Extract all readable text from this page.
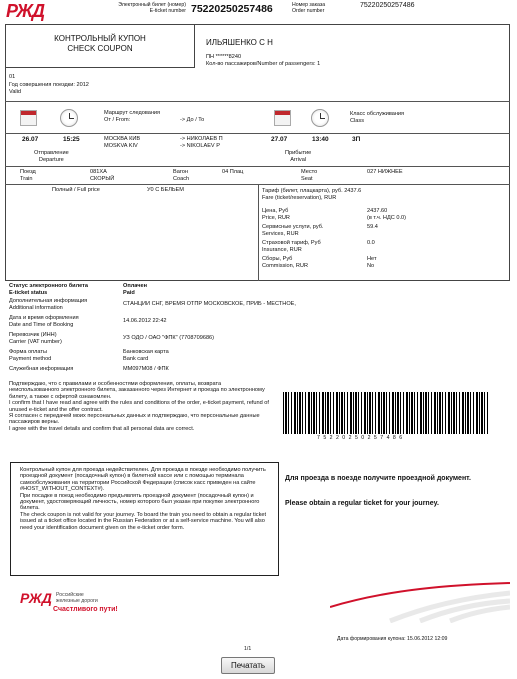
РЖД	Электронный билет (номер)
E-ticket number 75220250257486	Номер заказа
Order number
75220250257486
КОНТРОЛЬНЫЙ КУПОН
CHECK COUPON
ИЛЬЯШЕНКО С Н
ПН ******8240
Кол-во пассажиров/Number of passengers: 1
01
Год совершения поездки: 2012
Valid
Маршрут следования
От / From:	-> До / To
Класс обслуживания
Class
26.07	15:25	МОСКВА КИВ
MOSKVA KIV
-> НИКОЛАЕВ П
-> NIKOLAEV P
27.07	13:40	3П
Отправление
Departure
Прибытие
Arrival
Поезд
Train
081ХА
СКОРЫЙ
Вагон
Coach
04 Плац	Место
Seat
027 НИЖНЕЕ
Полный / Full price	У0 С БЕЛЬЕМ	Тариф (билет, плацкарта), руб. 2437.6
Fare (ticket/reservation), RUR
Цена, Руб
Price, RUR
2437.60
(в т.ч. НДС 0.0)
Сервисные услуги, руб.
Services, RUR
59.4
Страховой тариф, Руб
Insurance, RUR
0.0
Сборы, Руб
Commission, RUR
Нет
No
Статус электронного билета
E-ticket status
Оплачен
Paid
Дополнительная информация
Additional information
СТАНЦИИ СНГ, ВРЕМЯ ОТПР МОСКОВСКОЕ, ПРИБ - МЕСТНОЕ,
Дата и время оформления
Date and Time of Booking
14.06.2012 22:42
Перевозчик (ИНН)
Carrier (VAT number)
УЗ ОДО / ОАО "ФПК" (7708709686)
Форма оплаты
Payment method
Банковская карта
Bank card
Служебная информация	ММ097М08 / ФПК
Подтверждаю, что с правилами и особенностями оформления, оплаты, возврата неиспользованного электронного билета, заказанного через Интернет и проезда по электронному билету, а также с офертой ознакомлен.
I confirm that I have read and agree with the rules and conditions of the order, e-ticket payment, refund of unused e-ticket and the offer contract.
Я согласен с передачей моих персональных данных и подтверждаю, что персональные данные пассажиров верны.
I agree with the travel details and confirm that all personal data are correct.
7 5 2 2 0 2 5 0 2 5 7 4 8 6
Контрольный купон для проезда недействителен. Для проезда в поезде необходимо получить проездной документ (посадочный купон) в билетной кассе или с помощью терминала самообслуживания на территории Российской Федерации (список касс приведен на сайте
#HOST_WITHOUT_CONTEXT#).
При посадке в поезд необходимо предъявлять проездной документ (посадочный купон) и документ, удостоверяющий личность, номер которого был указан при покупке электронного билета.
The check coupon is not valid for your journey. To board the train you need to obtain a regular ticket issued at a ticket office located in the Russian Federation or at a self-service machine. You will also need your identification document given on the e-ticket order form.
Для проезда в поезде получите проездной документ.
Please obtain a regular ticket for your journey.
РЖД Российские
железные дороги
Счастливого пути!
1/1
Дата формирования купона: 15.06.2012 12:09
Печатать
